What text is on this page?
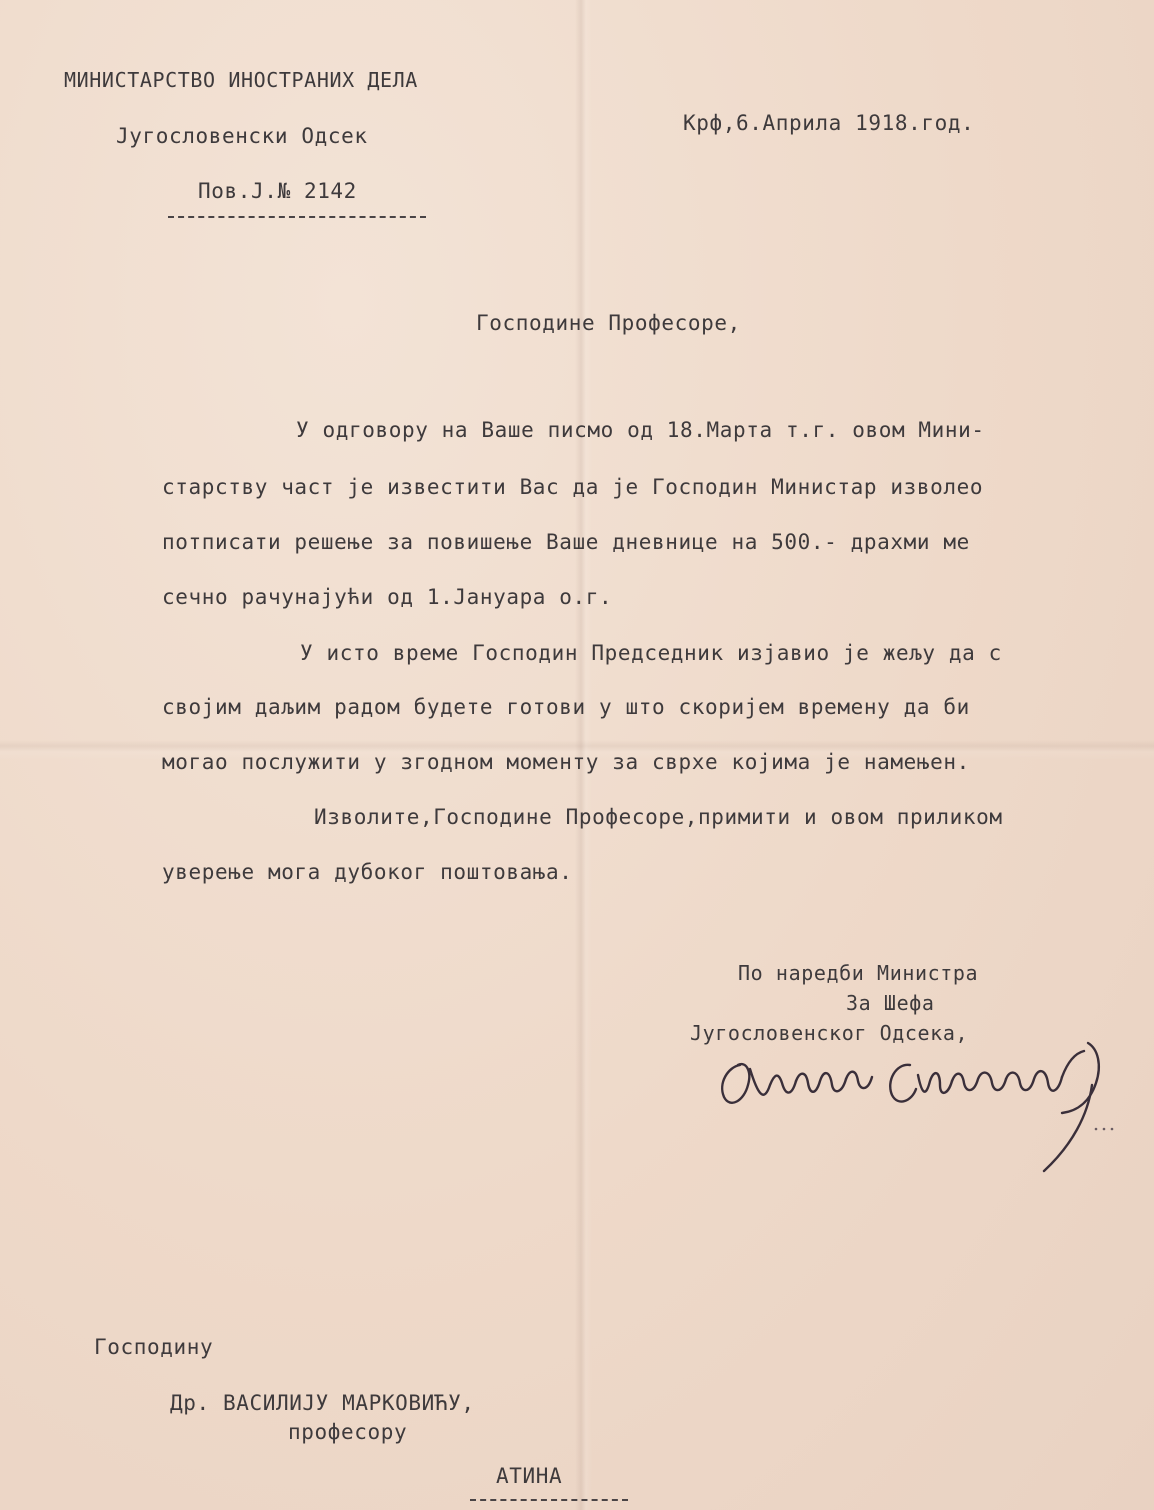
МИНИСТАРСТВО ИНОСТРАНИХ ДЕЛА
Југословенски Одсек
Пов.J.№ 2142
Крф,6.Априла 1918.год.
Господине Професоре,
У одговору на Ваше писмо од 18.Марта т.г. овом Мини-
старству част је известити Вас да је Господин Министар изволео
потписати решење за повишење Ваше дневнице на 500.- драхми ме
сечно рачунајући од 1.Јануара о.г.
У исто време Господин Председник изјавио је жељу да с
својим даљим радом будете готови у што скоријем времену да би
могао послужити у згодном моменту за сврхе којима је намењен.
Изволите,Господине Професоре,примити и овом приликом
уверење мога дубоког поштовања.
По наредби Министра
За Шефа
Југословенског Одсека,
Господину
Др. ВАСИЛИЈУ МАРКОВИЋУ,
професору
АТИНА
